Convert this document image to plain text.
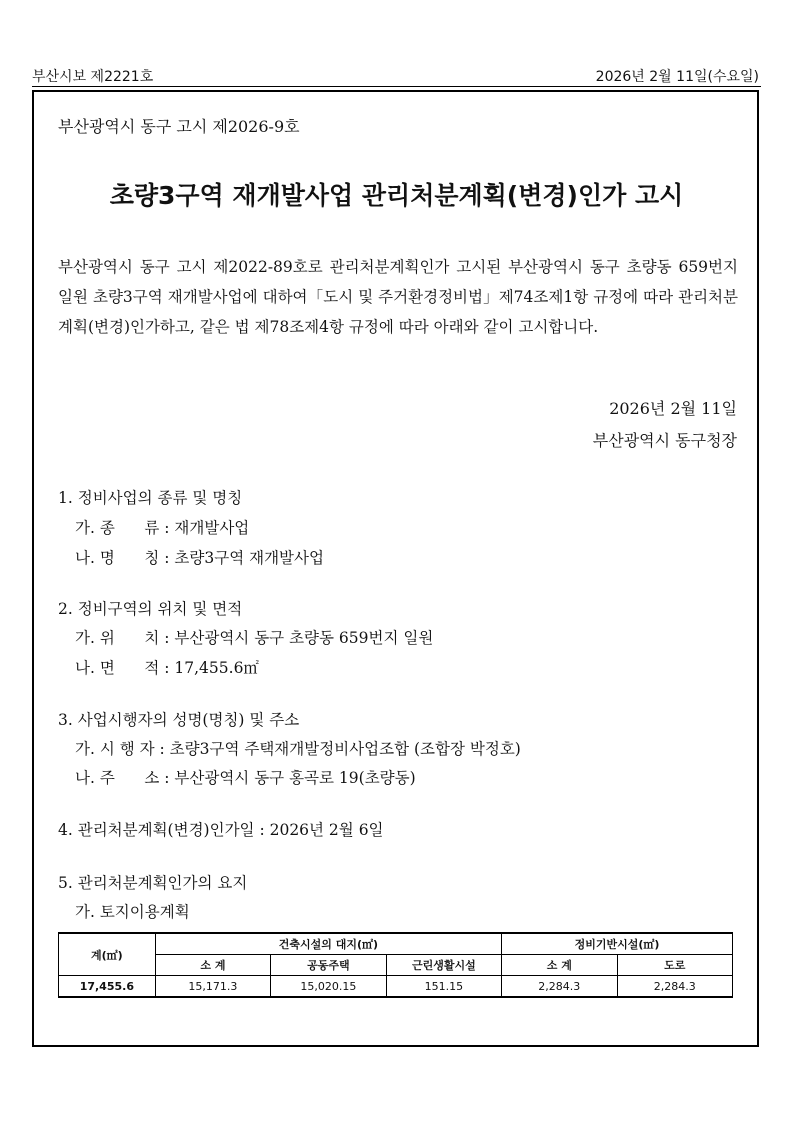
부산시보 제2221호	2026년 2월 11일(수요일)
부산광역시 동구 고시 제2026-9호
초량3구역 재개발사업 관리처분계획(변경)인가 고시
부산광역시 동구 고시 제2022-89호로 관리처분계획인가 고시된 부산광역시 동구 초량동 659번지 일원 초량3구역 재개발사업에 대하여「도시 및 주거환경정비법」제74조제1항 규정에 따라 관리처분계획(변경)인가하고, 같은 법 제78조제4항 규정에 따라 아래와 같이 고시합니다.
2026년 2월 11일
부산광역시 동구청장
1. 정비사업의 종류 및 명칭
가. 종      류 : 재개발사업
나. 명      칭 : 초량3구역 재개발사업
2. 정비구역의 위치 및 면적
가. 위      치 : 부산광역시 동구 초량동 659번지 일원
나. 면      적 : 17,455.6㎡
3. 사업시행자의 성명(명칭) 및 주소
가. 시 행 자 : 초량3구역 주택재개발정비사업조합 (조합장 박정호)
나. 주      소 : 부산광역시 동구 홍곡로 19(초량동)
4. 관리처분계획(변경)인가일 : 2026년 2월 6일
5. 관리처분계획인가의 요지
가. 토지이용계획
계(㎡)	건축시설의 대지(㎡)			정비기반시설(㎡)	
	소 계	공동주택	근린생활시설	소 계	도로
17,455.6	15,171.3	15,020.15	151.15	2,284.3	2,284.3
